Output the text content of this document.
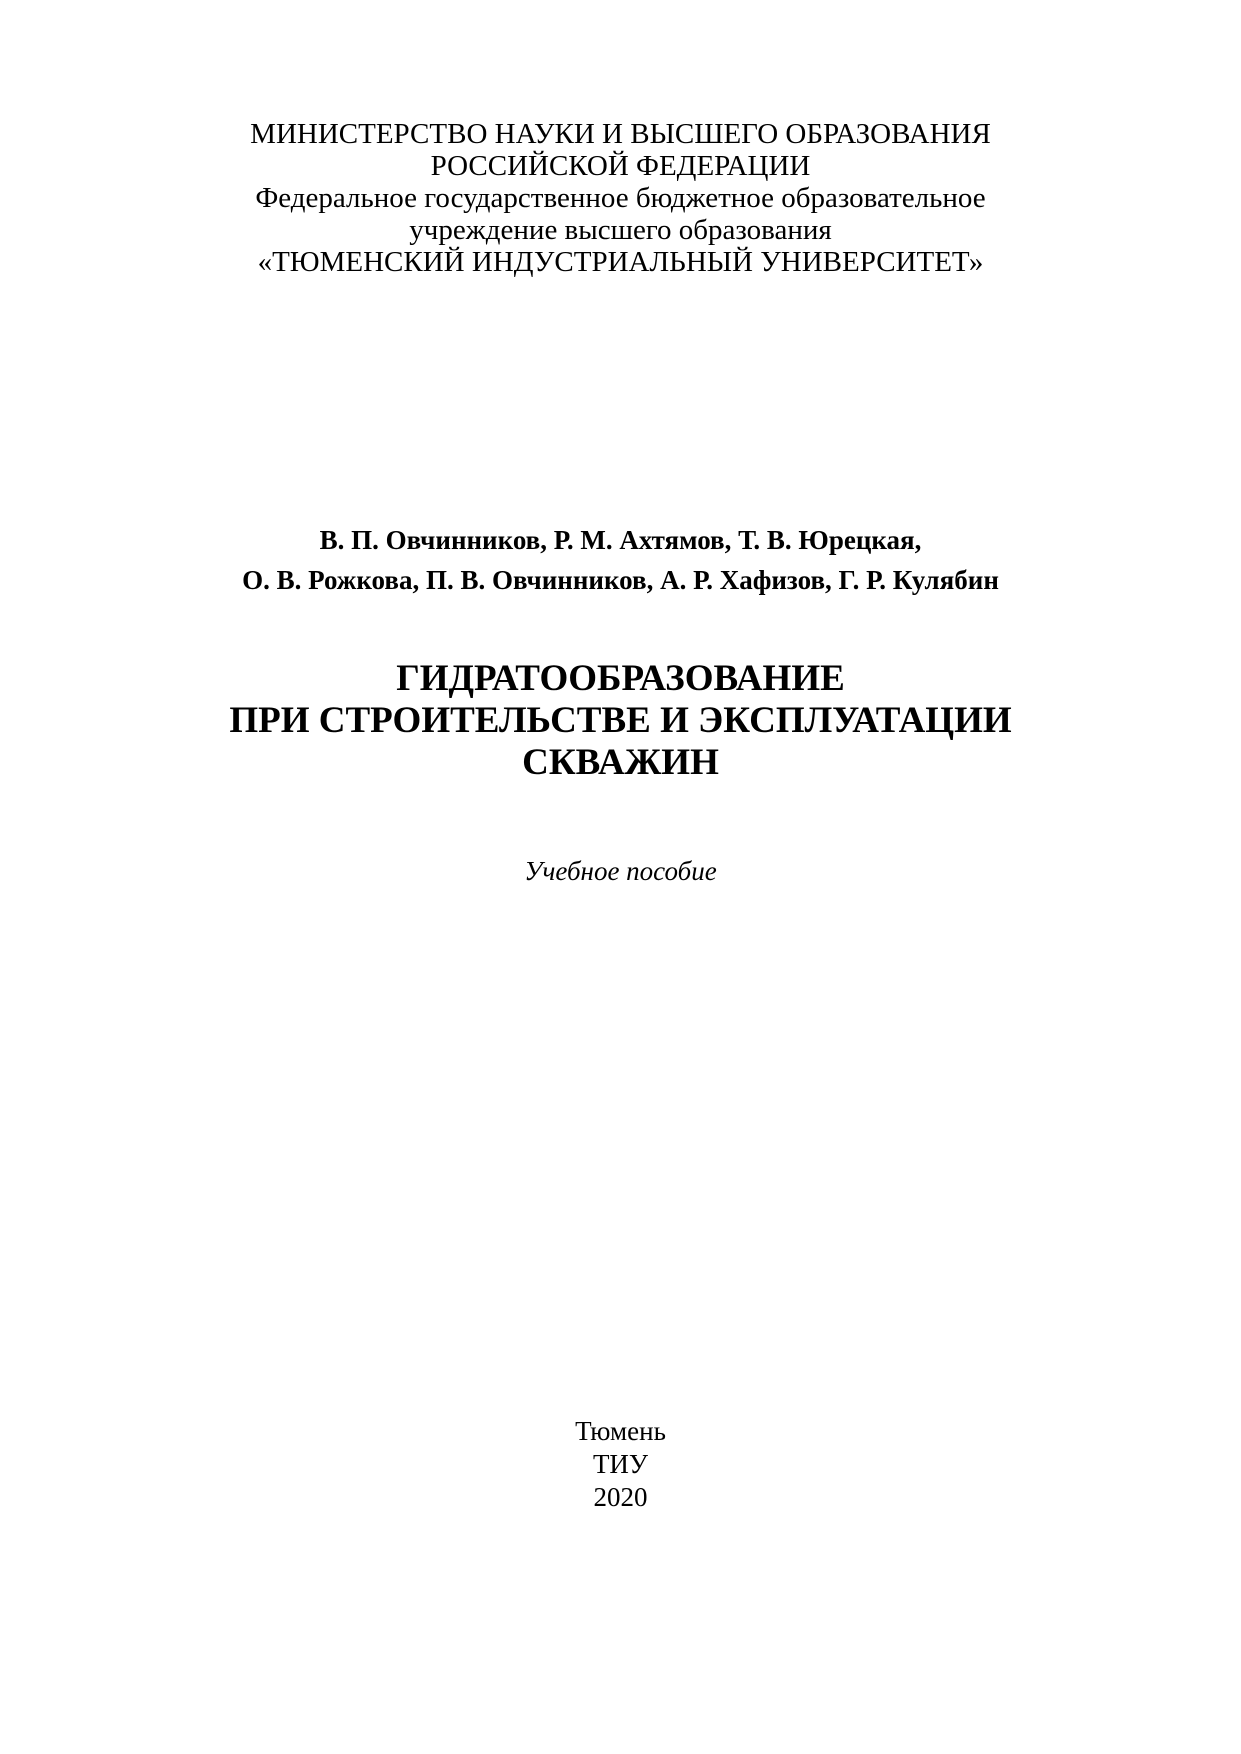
МИНИСТЕРСТВО НАУКИ И ВЫСШЕГО ОБРАЗОВАНИЯ
РОССИЙСКОЙ ФЕДЕРАЦИИ
Федеральное государственное бюджетное образовательное
учреждение высшего образования
«ТЮМЕНСКИЙ ИНДУСТРИАЛЬНЫЙ УНИВЕРСИТЕТ»
В. П. Овчинников, Р. М. Ахтямов, Т. В. Юрецкая,
О. В. Рожкова, П. В. Овчинников, А. Р. Хафизов, Г. Р. Кулябин
ГИДРАТООБРАЗОВАНИЕ
ПРИ СТРОИТЕЛЬСТВЕ И ЭКСПЛУАТАЦИИ
СКВАЖИН
Учебное пособие
Тюмень
ТИУ
2020
